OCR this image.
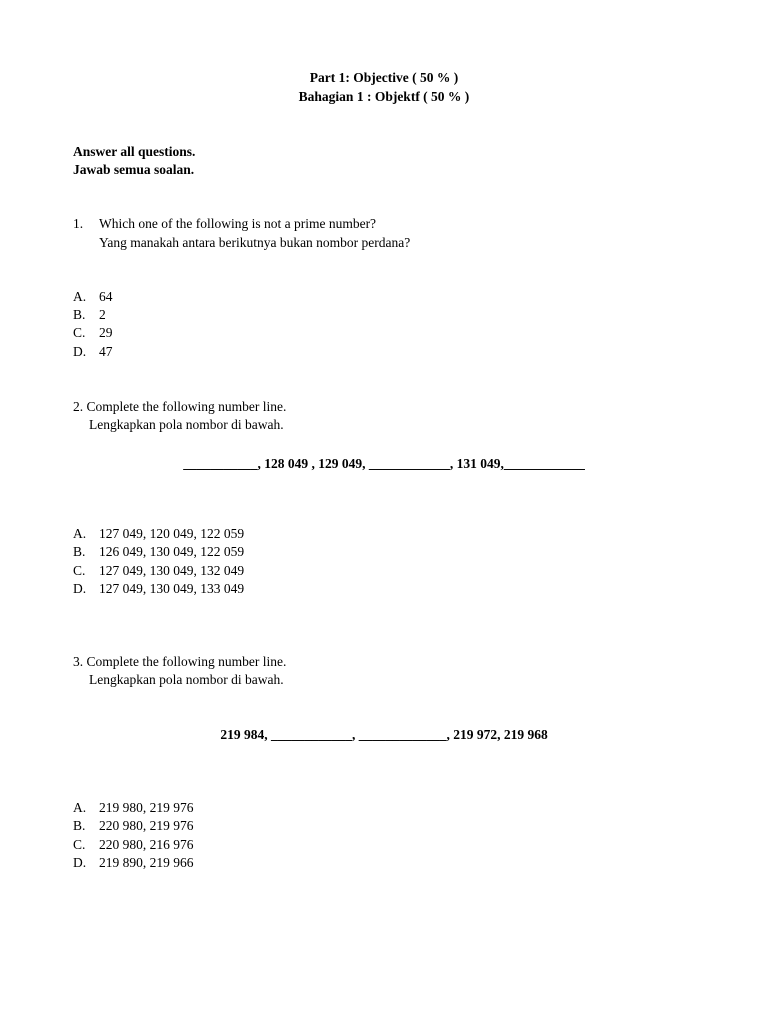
Part 1: Objective ( 50 % )
Bahagian 1 : Objektf ( 50 % )
Answer all questions.
Jawab semua soalan.
1. Which one of the following is not a prime number?
Yang manakah antara berikutnya bukan nombor perdana?
A. 64
B. 2
C. 29
D. 47
2. Complete the following number line.
Lengkapkan pola nombor di bawah.
___________, 128 049 , 129 049, ____________, 131 049,____________
A. 127 049, 120 049, 122 059
B. 126 049, 130 049, 122 059
C. 127 049, 130 049, 132 049
D. 127 049, 130 049, 133 049
3. Complete the following number line.
Lengkapkan pola nombor di bawah.
219 984, ____________, _____________, 219 972, 219 968
A. 219 980, 219 976
B. 220 980, 219 976
C. 220 980, 216 976
D. 219 890, 219 966
